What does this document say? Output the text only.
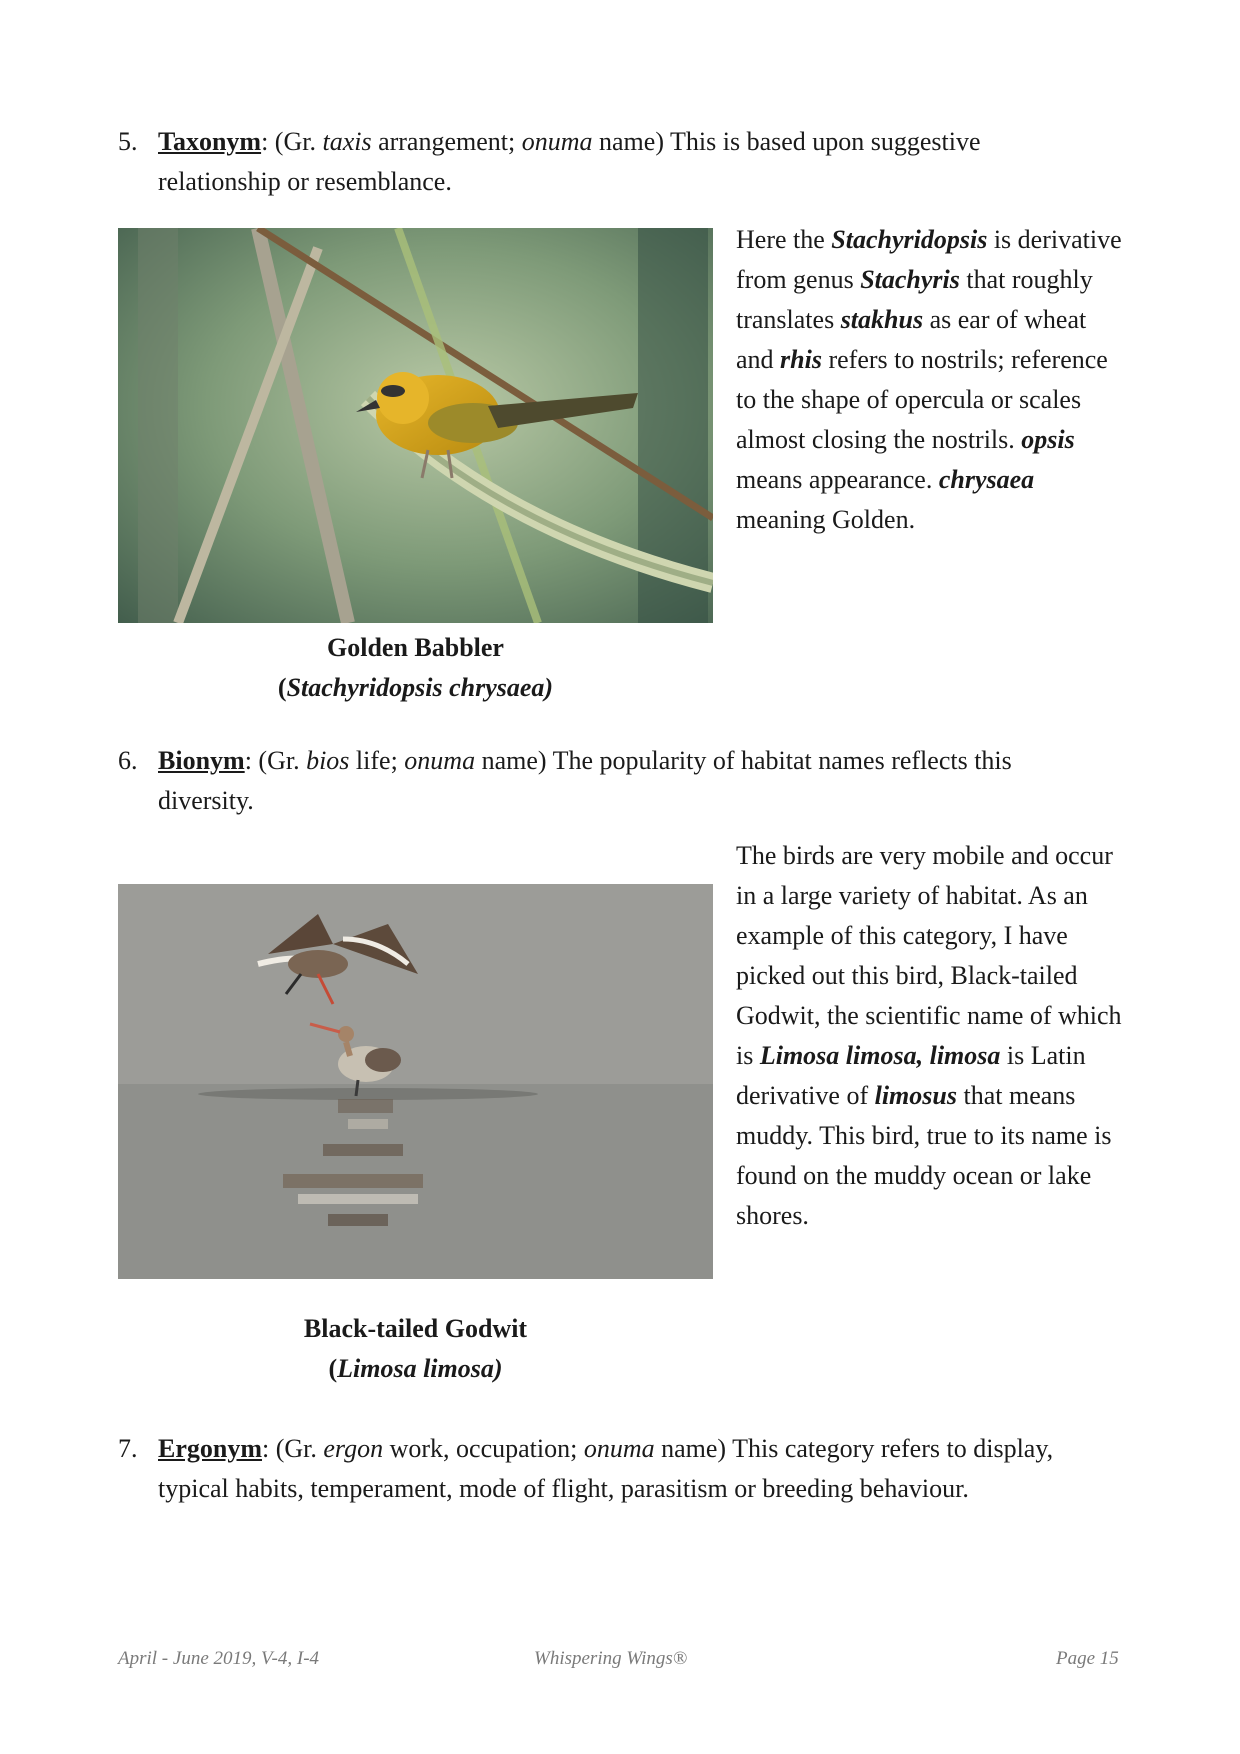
5. Taxonym: (Gr. taxis arrangement; onuma name) This is based upon suggestive relationship or resemblance.
Here the Stachyridopsis is derivative from genus Stachyris that roughly translates stakhus as ear of wheat and rhis refers to nostrils; reference to the shape of opercula or scales almost closing the nostrils. opsis means appearance. chrysaea meaning Golden.
Golden Babbler
(Stachyridopsis chrysaea)
6. Bionym: (Gr. bios life; onuma name) The popularity of habitat names reflects this diversity.
The birds are very mobile and occur in a large variety of habitat. As an example of this category, I have picked out this bird, Black-tailed Godwit, the scientific name of which is Limosa limosa, limosa is Latin derivative of limosus that means muddy. This bird, true to its name is found on the muddy ocean or lake shores.
Black-tailed Godwit
(Limosa limosa)
7. Ergonym: (Gr. ergon work, occupation; onuma name) This category refers to display, typical habits, temperament, mode of flight, parasitism or breeding behaviour.
April - June 2019, V-4, I-4	Whispering Wings®	Page 15
